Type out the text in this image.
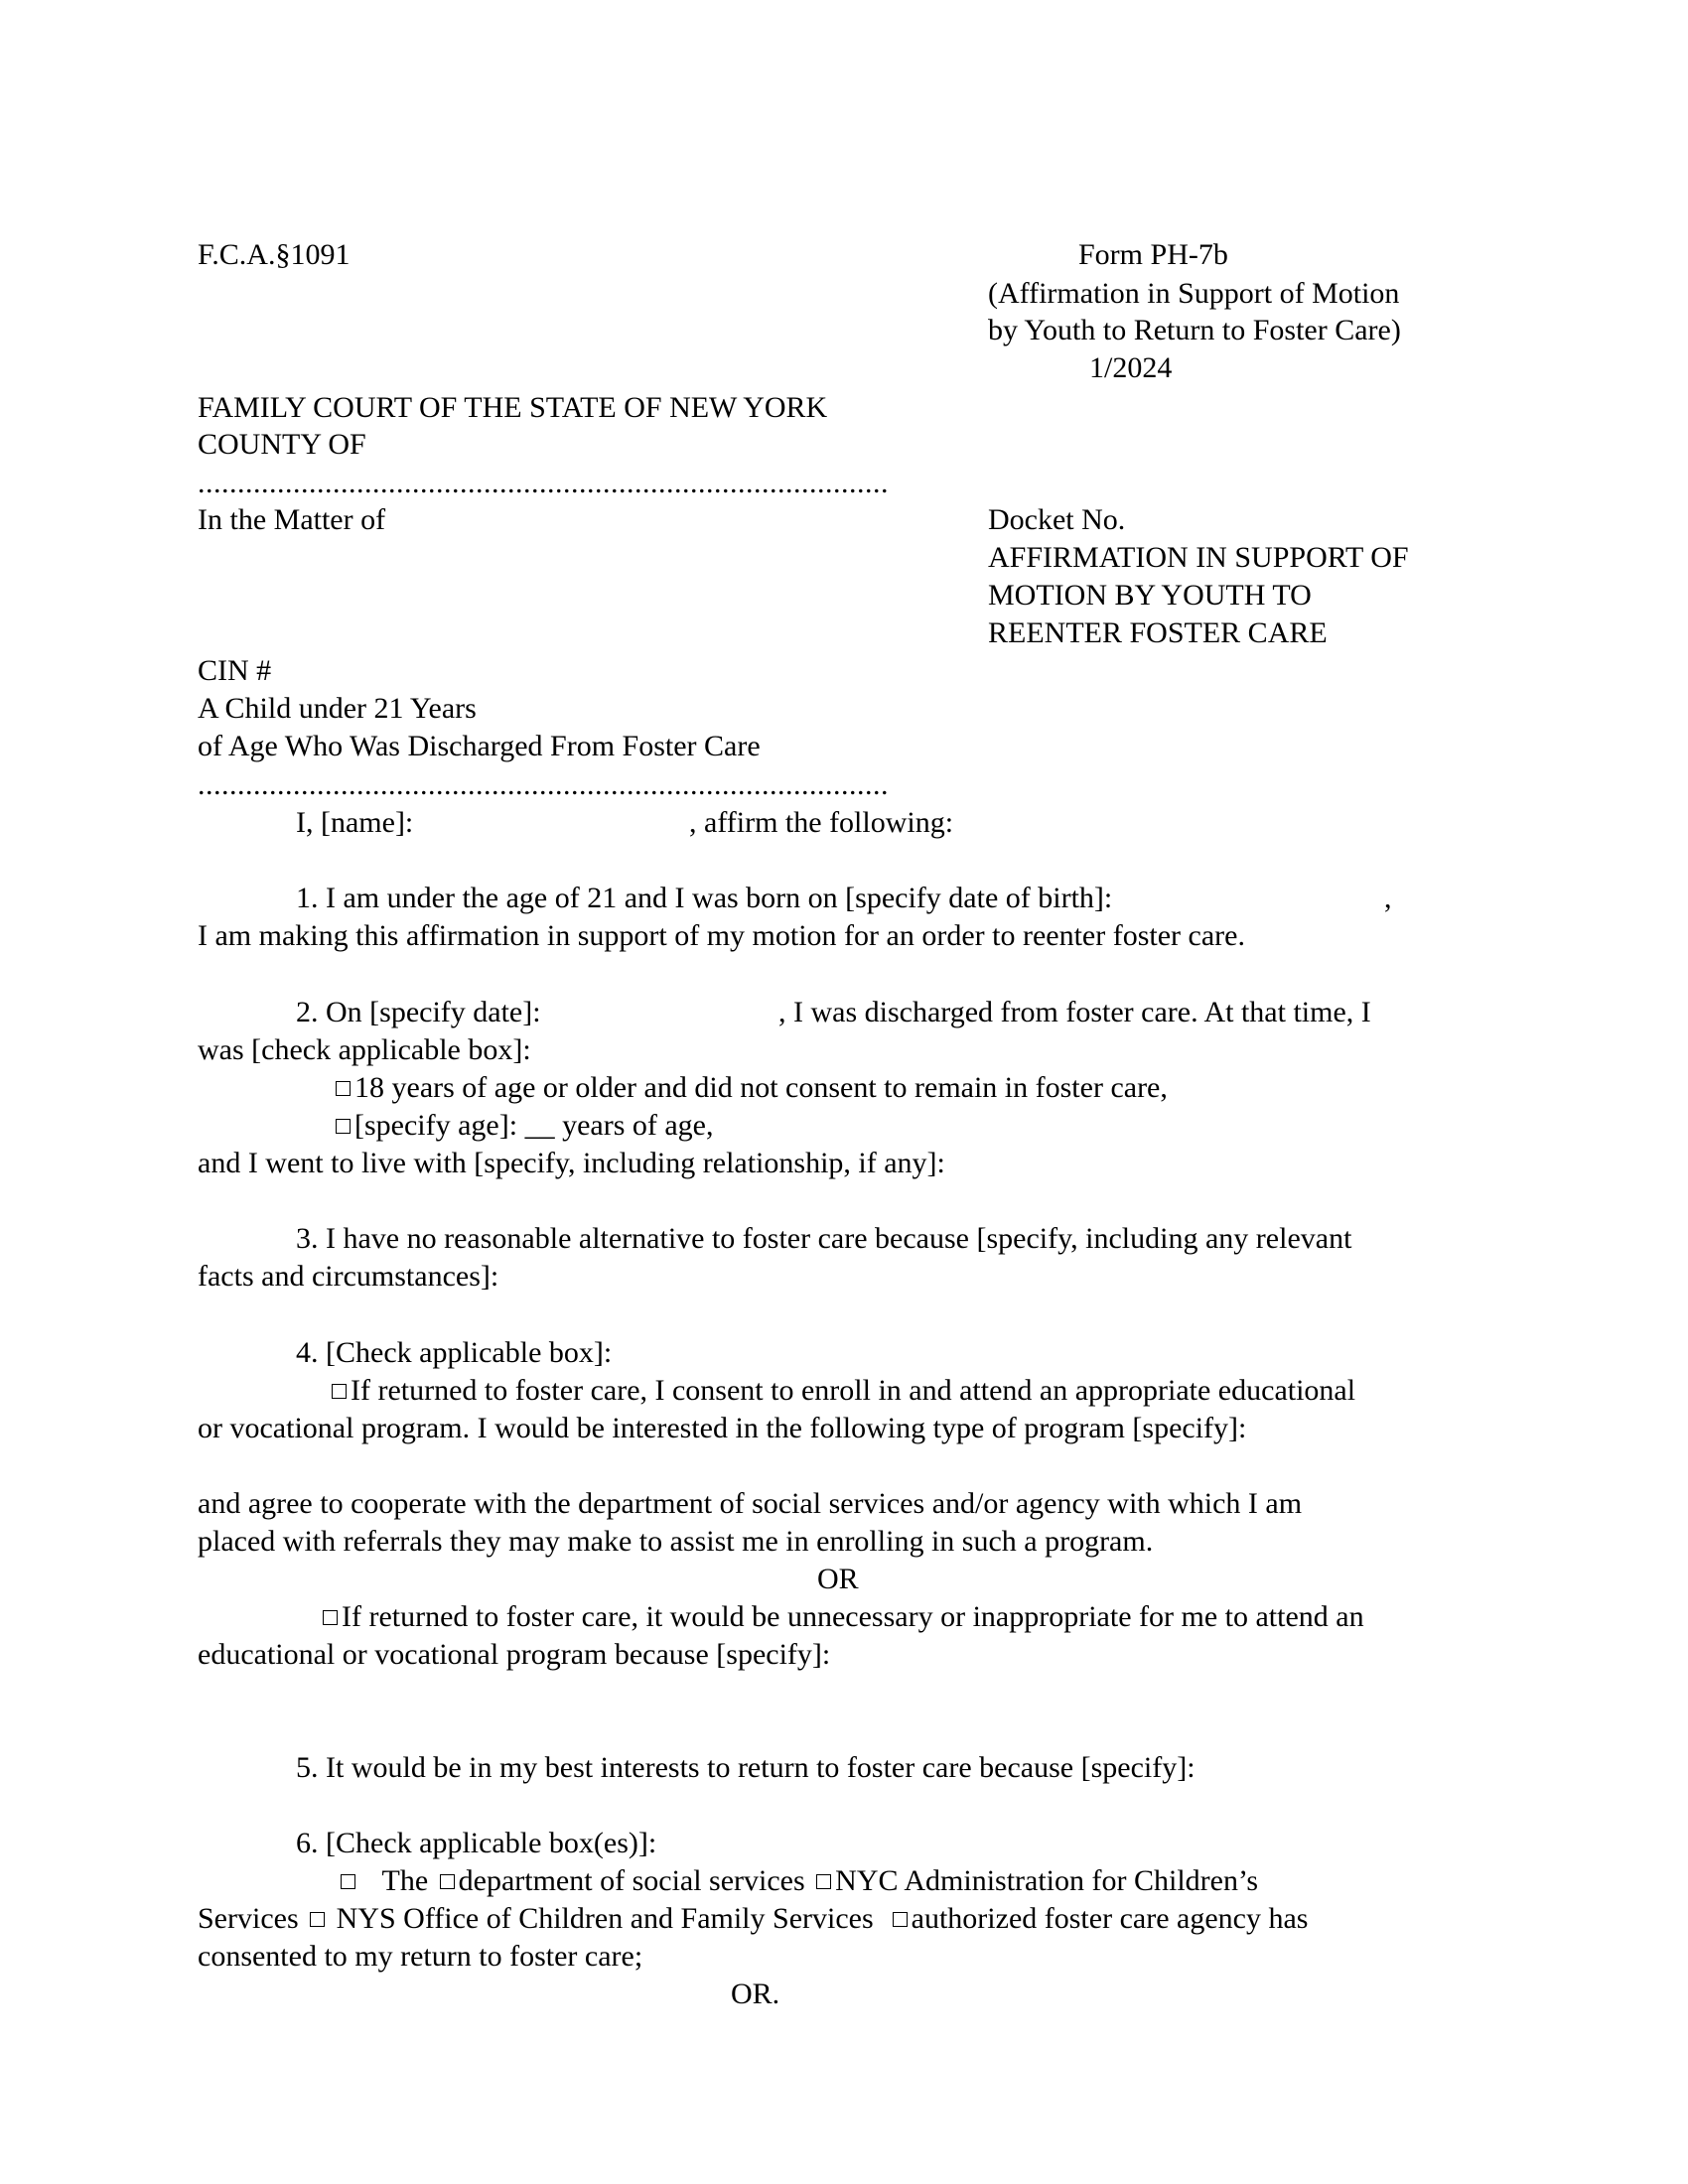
F.C.A.§1091	Form PH-7b
(Affirmation in Support of Motion
by Youth to Return to Foster Care)
1/2024
FAMILY COURT OF THE STATE OF NEW YORK
COUNTY OF
.......................................................................................
In the Matter of	Docket No.
AFFIRMATION IN SUPPORT OF
MOTION BY YOUTH TO
REENTER FOSTER CARE
CIN #
A Child under 21 Years
of Age Who Was Discharged From Foster Care
.......................................................................................
I, [name]:	, affirm the following:
1. I am under the age of 21 and I was born on [specify date of birth]:	,
I am making this affirmation in support of my motion for an order to reenter foster care.
2. On [specify date]:	, I was discharged from foster care. At that time, I
was [check applicable box]:
18 years of age or older and did not consent to remain in foster care,
[specify age]: __ years of age,
and I went to live with [specify, including relationship, if any]:
3. I have no reasonable alternative to foster care because [specify, including any relevant
facts and circumstances]:
4. [Check applicable box]:
If returned to foster care, I consent to enroll in and attend an appropriate educational
or vocational program. I would be interested in the following type of program [specify]:
and agree to cooperate with the department of social services and/or agency with which I am
placed with referrals they may make to assist me in enrolling in such a program.
OR
If returned to foster care, it would be unnecessary or inappropriate for me to attend an
educational or vocational program because [specify]:
5. It would be in my best interests to return to foster care because [specify]:
6. [Check applicable box(es)]:
The department of social services NYC Administration for Children’s
Services NYS Office of Children and Family Services authorized foster care agency has
consented to my return to foster care;
OR.
